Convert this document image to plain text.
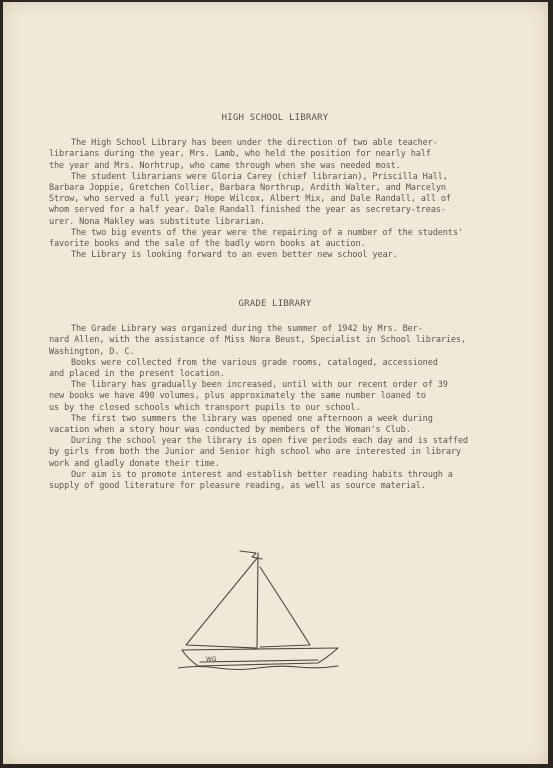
HIGH SCHOOL LIBRARY

The High School Library has been under the direction of two able teacher-
librarians during the year, Mrs. Lamb, who held the position for nearly half
the year and Mrs. Norhtrup, who came through when she was needed most.

The student librarians were Gloria Carey (chief librarian), Priscilla Hall,
Barbara Joppie, Gretchen Collier, Barbara Northrup, Ardith Walter, and Marcelyn
Strow, who served a full year; Hope Wilcox, Albert Mix, and Dale Randall, all of
whom served for a half year. Dale Randall finished the year as secretary-treas-
urer. Nona Makley was substitute librarian.

The two big events of the year were the repairing of a number of the students'
favorite books and the sale of the badly worn books at auction.

The Library is looking forward to an even better new school year.

GRADE LIBRARY

The Grade Library was organized during the summer of 1942 by Mrs. Ber-
nard Allen, with the assistance of Miss Nora Beust, Specialist in School libraries,
Washington, D. C.

Books were collected from the various grade rooms, cataloged, accessioned
and placed in the present location.

The library has gradually been increased, until with our recent order of 39
new books we have 490 volumes, plus approximately the same number loaned to
us by the closed schools which transport pupils to our school.

The first two summers the library was opened one afternoon a week during
vacation when a story hour was conducted by members of the Woman's Club.

During the school year the library is open five periods each day and is staffed
by girls from both the Junior and Senior high school who are interested in library
work and gladly donate their time.

Our aim is to promote interest and establish better reading habits through a
supply of good literature for pleasure reading, as well as source material.

WG
